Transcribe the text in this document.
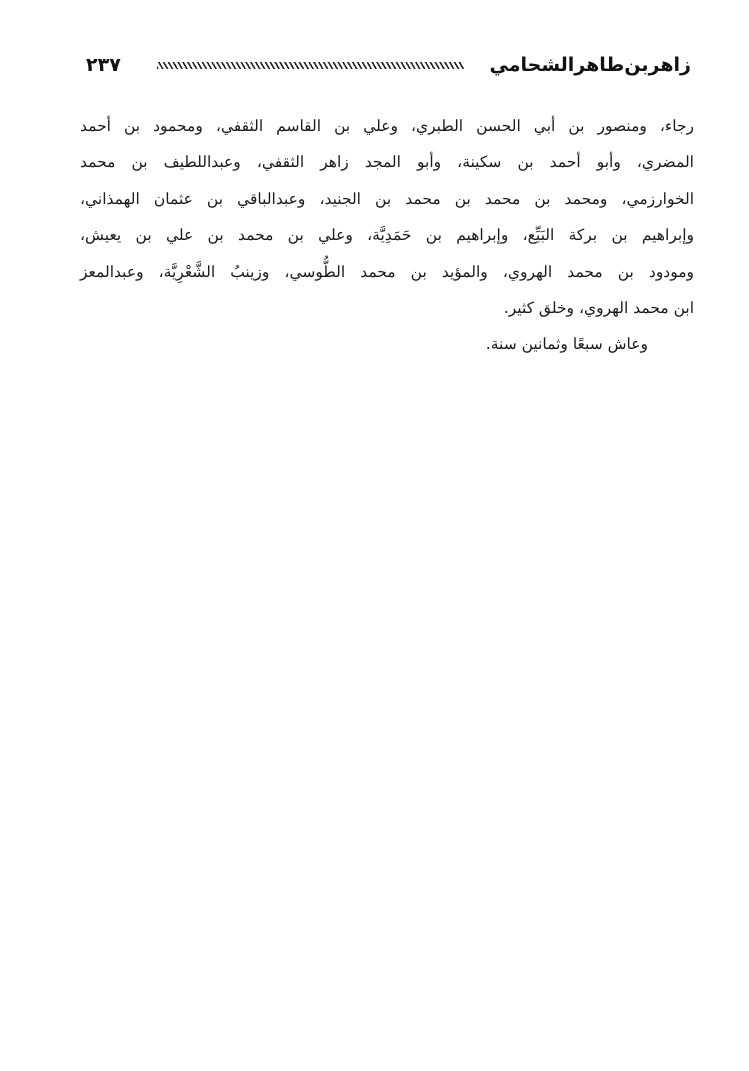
زاهربن‌طاهرالشحامي
٢٣٧
رجاء، ومنصور بن أبي الحسن الطبري، وعلي بن القاسم الثقفي، ومحمود بن أحمد
المضري، وأبو أحمد بن سكينة، وأبو المجد زاهر الثقفي، وعبداللطيف بن محمد
الخوارزمي، ومحمد بن محمد بن محمد بن الجنيد، وعبدالباقي بن عثمان الهمذاني،
وإبراهيم بن بركة البَيِّع، وإبراهيم بن حَمَدِيَّة، وعلي بن محمد بن علي بن يعيش،
ومودود بن محمد الهروي، والمؤيد بن محمد الطُّوسي، وزينبُ الشَّعْرِيَّة، وعبدالمعز
ابن محمد الهروي، وخلق كثير.
وعاش سبعًا وثمانين سنة.
